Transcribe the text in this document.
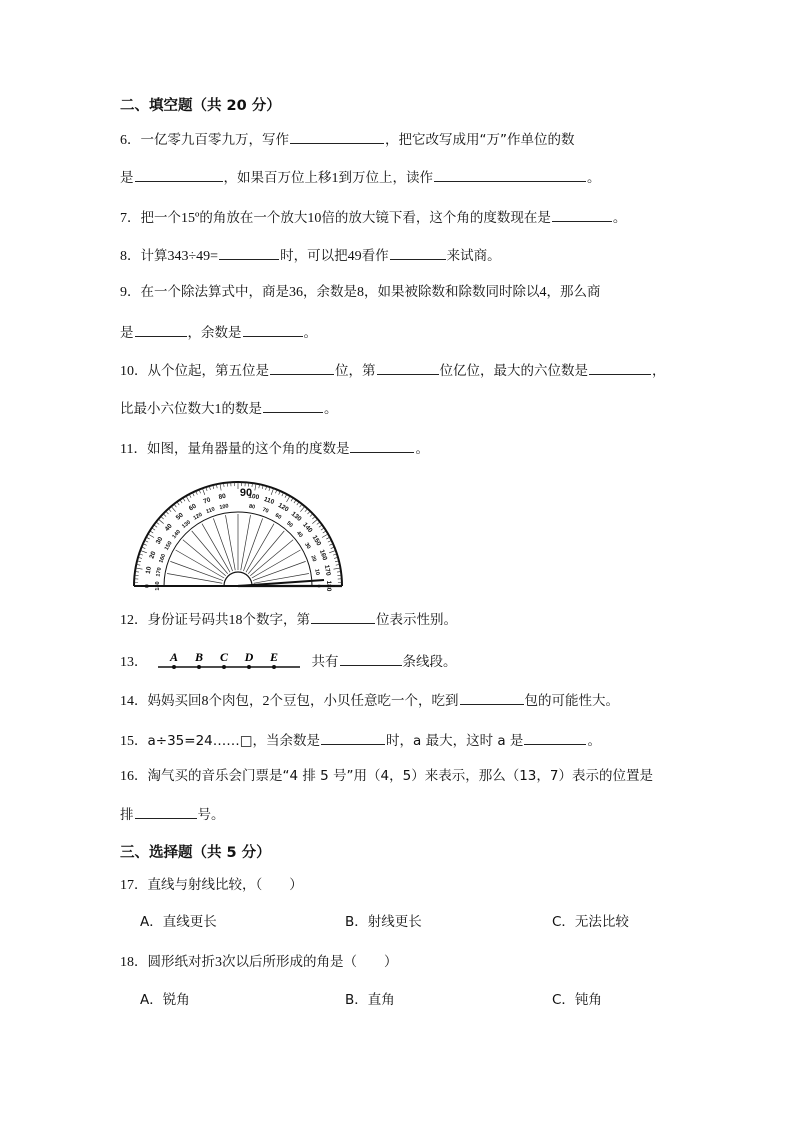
二、填空题（共 20 分）
6．一亿零九百零九万，写作	，把它改写成用“万”作单位的数
是	，如果百万位上移1到万位上，读作	。
7．把一个15º的角放在一个放大10倍的放大镜下看，这个角的度数现在是	。
8．计算343÷49=	时，可以把49看作	来试商。
9．在一个除法算式中，商是36，余数是8，如果被除数和除数同时除以4，那么商
是	，余数是	。
10．从个位起，第五位是	位，第	位亿位，最大的六位数是	，
比最小六位数大1的数是	。
11．如图，量角器量的这个角的度数是	。
0
10
20
30
40
50
60
70 80	100 110
120
130
140
150
160
170
180
180
170
160
150
140
130
120
110 100	80 70
60
50
40
30
20
10
0
90
12．身份证号码共18个数字，第	位表示性别。
13． A B C D E	共有	条线段。
14．妈妈买回8个肉包，2个豆包，小贝任意吃一个，吃到	包的可能性大。
15．a÷35=24……□，当余数是	时，a 最大，这时 a 是	。
16．淘气买的音乐会门票是“4 排 5 号”用（4，5）来表示，那么（13，7）表示的位置是
排	号。
三、选择题（共 5 分）
17．直线与射线比较，（　　）
A．直线更长	B．射线更长	C．无法比较
18．圆形纸对折3次以后所形成的角是（　　）
A．锐角	B．直角	C．钝角
